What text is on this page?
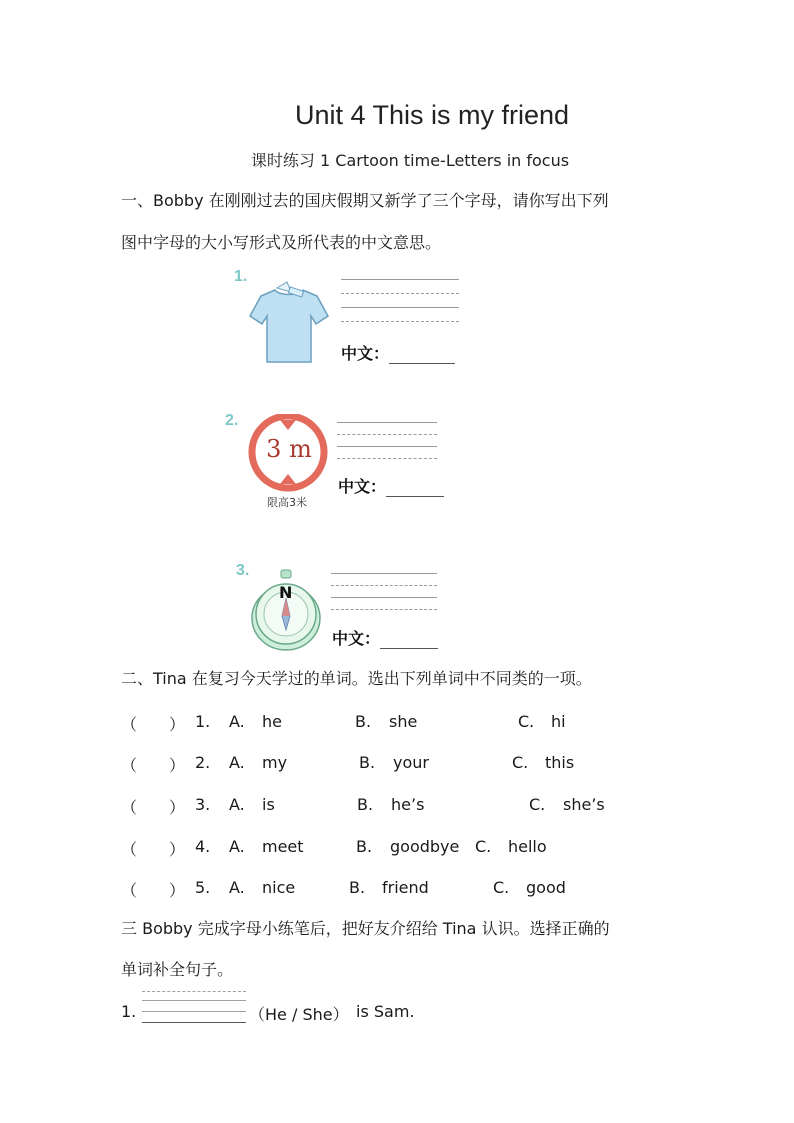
Unit 4 This is my friend
课时练习 1 Cartoon time-Letters in focus
一、Bobby 在刚刚过去的国庆假期又新学了三个字母，请你写出下列
图中字母的大小写形式及所代表的中文意思。
1.
中文：
2.
3 m
限高3米
中文：
3.
N
中文：
二、Tina 在复习今天学过的单词。选出下列单词中不同类的一项。
（　　） 1. A. he	B. she	C. hi
（　　） 2. A. my	B. your	C. this
（　　） 3. A. is	B. he’s	C. she’s
（　　） 4. A. meet	B. goodbye C. hello
（　　） 5. A. nice	B. friend	C. good
三 Bobby 完成字母小练笔后，把好友介绍给 Tina 认识。选择正确的
单词补全句子。
1.	（He / She） is Sam.
